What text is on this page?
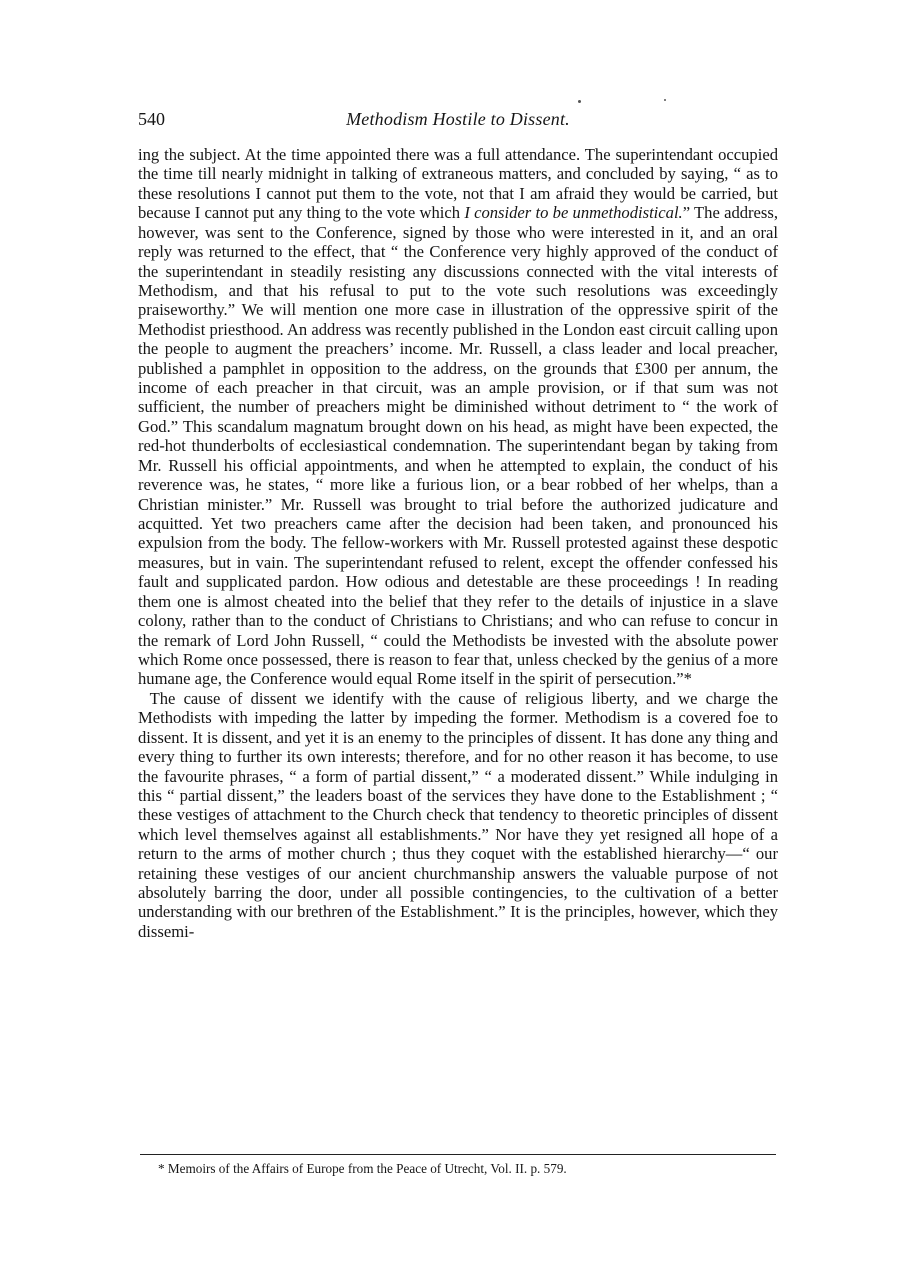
540	Methodism Hostile to Dissent.

ing the subject. At the time appointed there was a full attendance. The superintendant occupied the time till nearly midnight in talking of extraneous matters, and concluded by saying, “ as to these resolutions I cannot put them to the vote, not that I am afraid they would be carried, but because I cannot put any thing to the vote which I consider to be unmethodistical.” The address, however, was sent to the Conference, signed by those who were interested in it, and an oral reply was returned to the effect, that “ the Conference very highly approved of the conduct of the superintendant in steadily resisting any discussions connected with the vital interests of Methodism, and that his refusal to put to the vote such resolutions was exceedingly praiseworthy.” We will mention one more case in illustration of the oppressive spirit of the Methodist priesthood. An address was recently published in the London east circuit calling upon the people to augment the preachers’ income. Mr. Russell, a class leader and local preacher, published a pamphlet in opposition to the address, on the grounds that £300 per annum, the income of each preacher in that circuit, was an ample provision, or if that sum was not sufficient, the number of preachers might be diminished without detriment to “ the work of God.” This scandalum magnatum brought down on his head, as might have been expected, the red-hot thunderbolts of ecclesiastical condemnation. The superintendant began by taking from Mr. Russell his official appointments, and when he attempted to explain, the conduct of his reverence was, he states, “ more like a furious lion, or a bear robbed of her whelps, than a Christian minister.” Mr. Russell was brought to trial before the authorized judicature and acquitted. Yet two preachers came after the decision had been taken, and pronounced his expulsion from the body. The fellow-workers with Mr. Russell protested against these despotic measures, but in vain. The superintendant refused to relent, except the offender confessed his fault and supplicated pardon. How odious and detestable are these proceedings ! In reading them one is almost cheated into the belief that they refer to the details of injustice in a slave colony, rather than to the conduct of Christians to Christians; and who can refuse to concur in the remark of Lord John Russell, “ could the Methodists be invested with the absolute power which Rome once possessed, there is reason to fear that, unless checked by the genius of a more humane age, the Conference would equal Rome itself in the spirit of persecution.”*

The cause of dissent we identify with the cause of religious liberty, and we charge the Methodists with impeding the latter by impeding the former. Methodism is a covered foe to dissent. It is dissent, and yet it is an enemy to the principles of dissent. It has done any thing and every thing to further its own interests; therefore, and for no other reason it has become, to use the favourite phrases, “ a form of partial dissent,” “ a moderated dissent.” While indulging in this “ partial dissent,” the leaders boast of the services they have done to the Establishment ; “ these vestiges of attachment to the Church check that tendency to theoretic principles of dissent which level themselves against all establishments.” Nor have they yet resigned all hope of a return to the arms of mother church ; thus they coquet with the established hierarchy—“ our retaining these vestiges of our ancient churchmanship answers the valuable purpose of not absolutely barring the door, under all possible contingencies, to the cultivation of a better understanding with our brethren of the Establishment.” It is the principles, however, which they dissemi-

* Memoirs of the Affairs of Europe from the Peace of Utrecht, Vol. II. p. 579.
